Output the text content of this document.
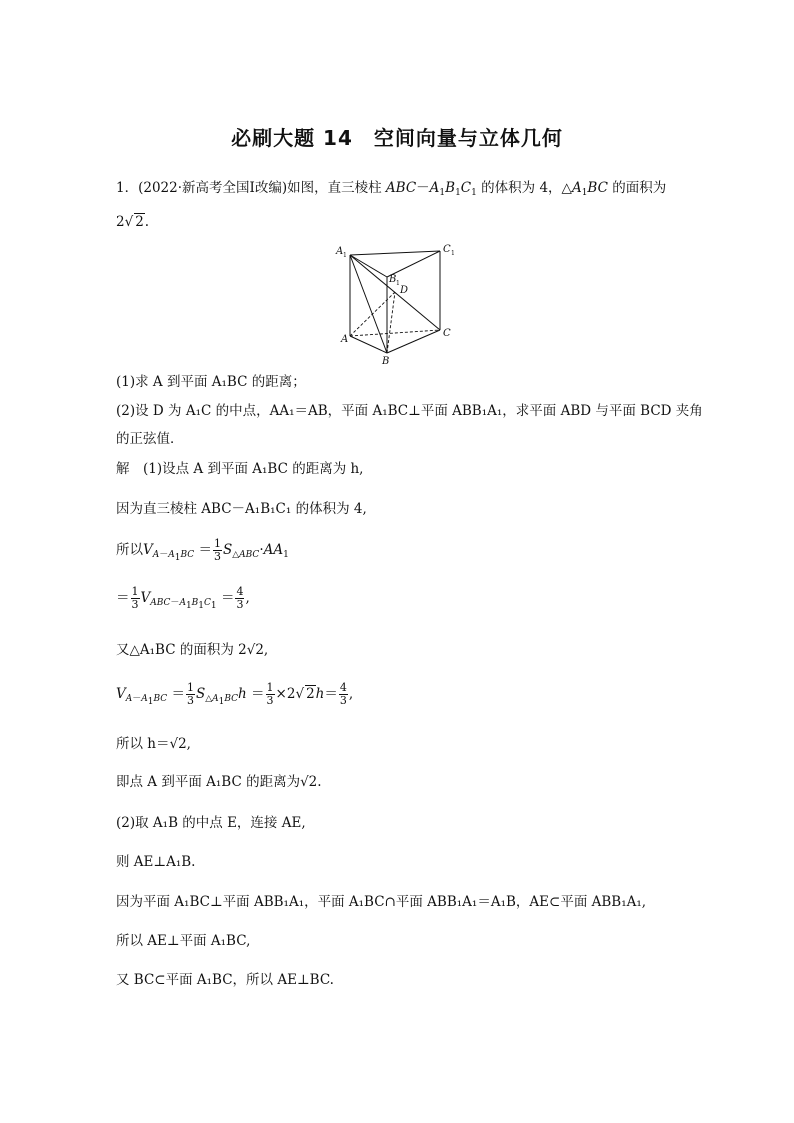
必刷大题 14　空间向量与立体几何
1．(2022·新高考全国Ⅰ改编)如图，直三棱柱 $ABC-A_1B_1C_1$ 的体积为 4，$\triangle A_1BC$ 的面积为
2√ 2.
A 1
C 1
B 1
D
A
B
C
(1)求 A 到平面 A₁BC 的距离；
(2)设 D 为 A₁C 的中点，AA₁＝AB，平面 A₁BC⊥平面 ABB₁A₁，求平面 ABD 与平面 BCD 夹角
的正弦值．
解　(1)设点 A 到平面 A₁BC 的距离为 h,
因为直三棱柱 ABC－A₁B₁C₁ 的体积为 4,
所以$V_{A-A_1BC} = \frac{1}{3} S_{\triangle ABC}\cdot AA_1$
＝ $\frac{1}{3} V_{ABC-A_1B_1C_1} = \frac{4}{3}$ ,
又△A₁BC 的面积为 2√2,
$V_{A-A_1BC} = \frac{1}{3} S_{\triangle A_1BC}h = \frac{1}{3} \times 2√$ $2h= \frac{4}{3}$ ,
所以 h＝√2,
即点 A 到平面 A₁BC 的距离为√2.
(2)取 A₁B 的中点 E，连接 AE,
则 AE⊥A₁B.
因为平面 A₁BC⊥平面 ABB₁A₁，平面 A₁BC∩平面 ABB₁A₁＝A₁B，AE⊂平面 ABB₁A₁,
所以 AE⊥平面 A₁BC,
又 BC⊂平面 A₁BC，所以 AE⊥BC.
